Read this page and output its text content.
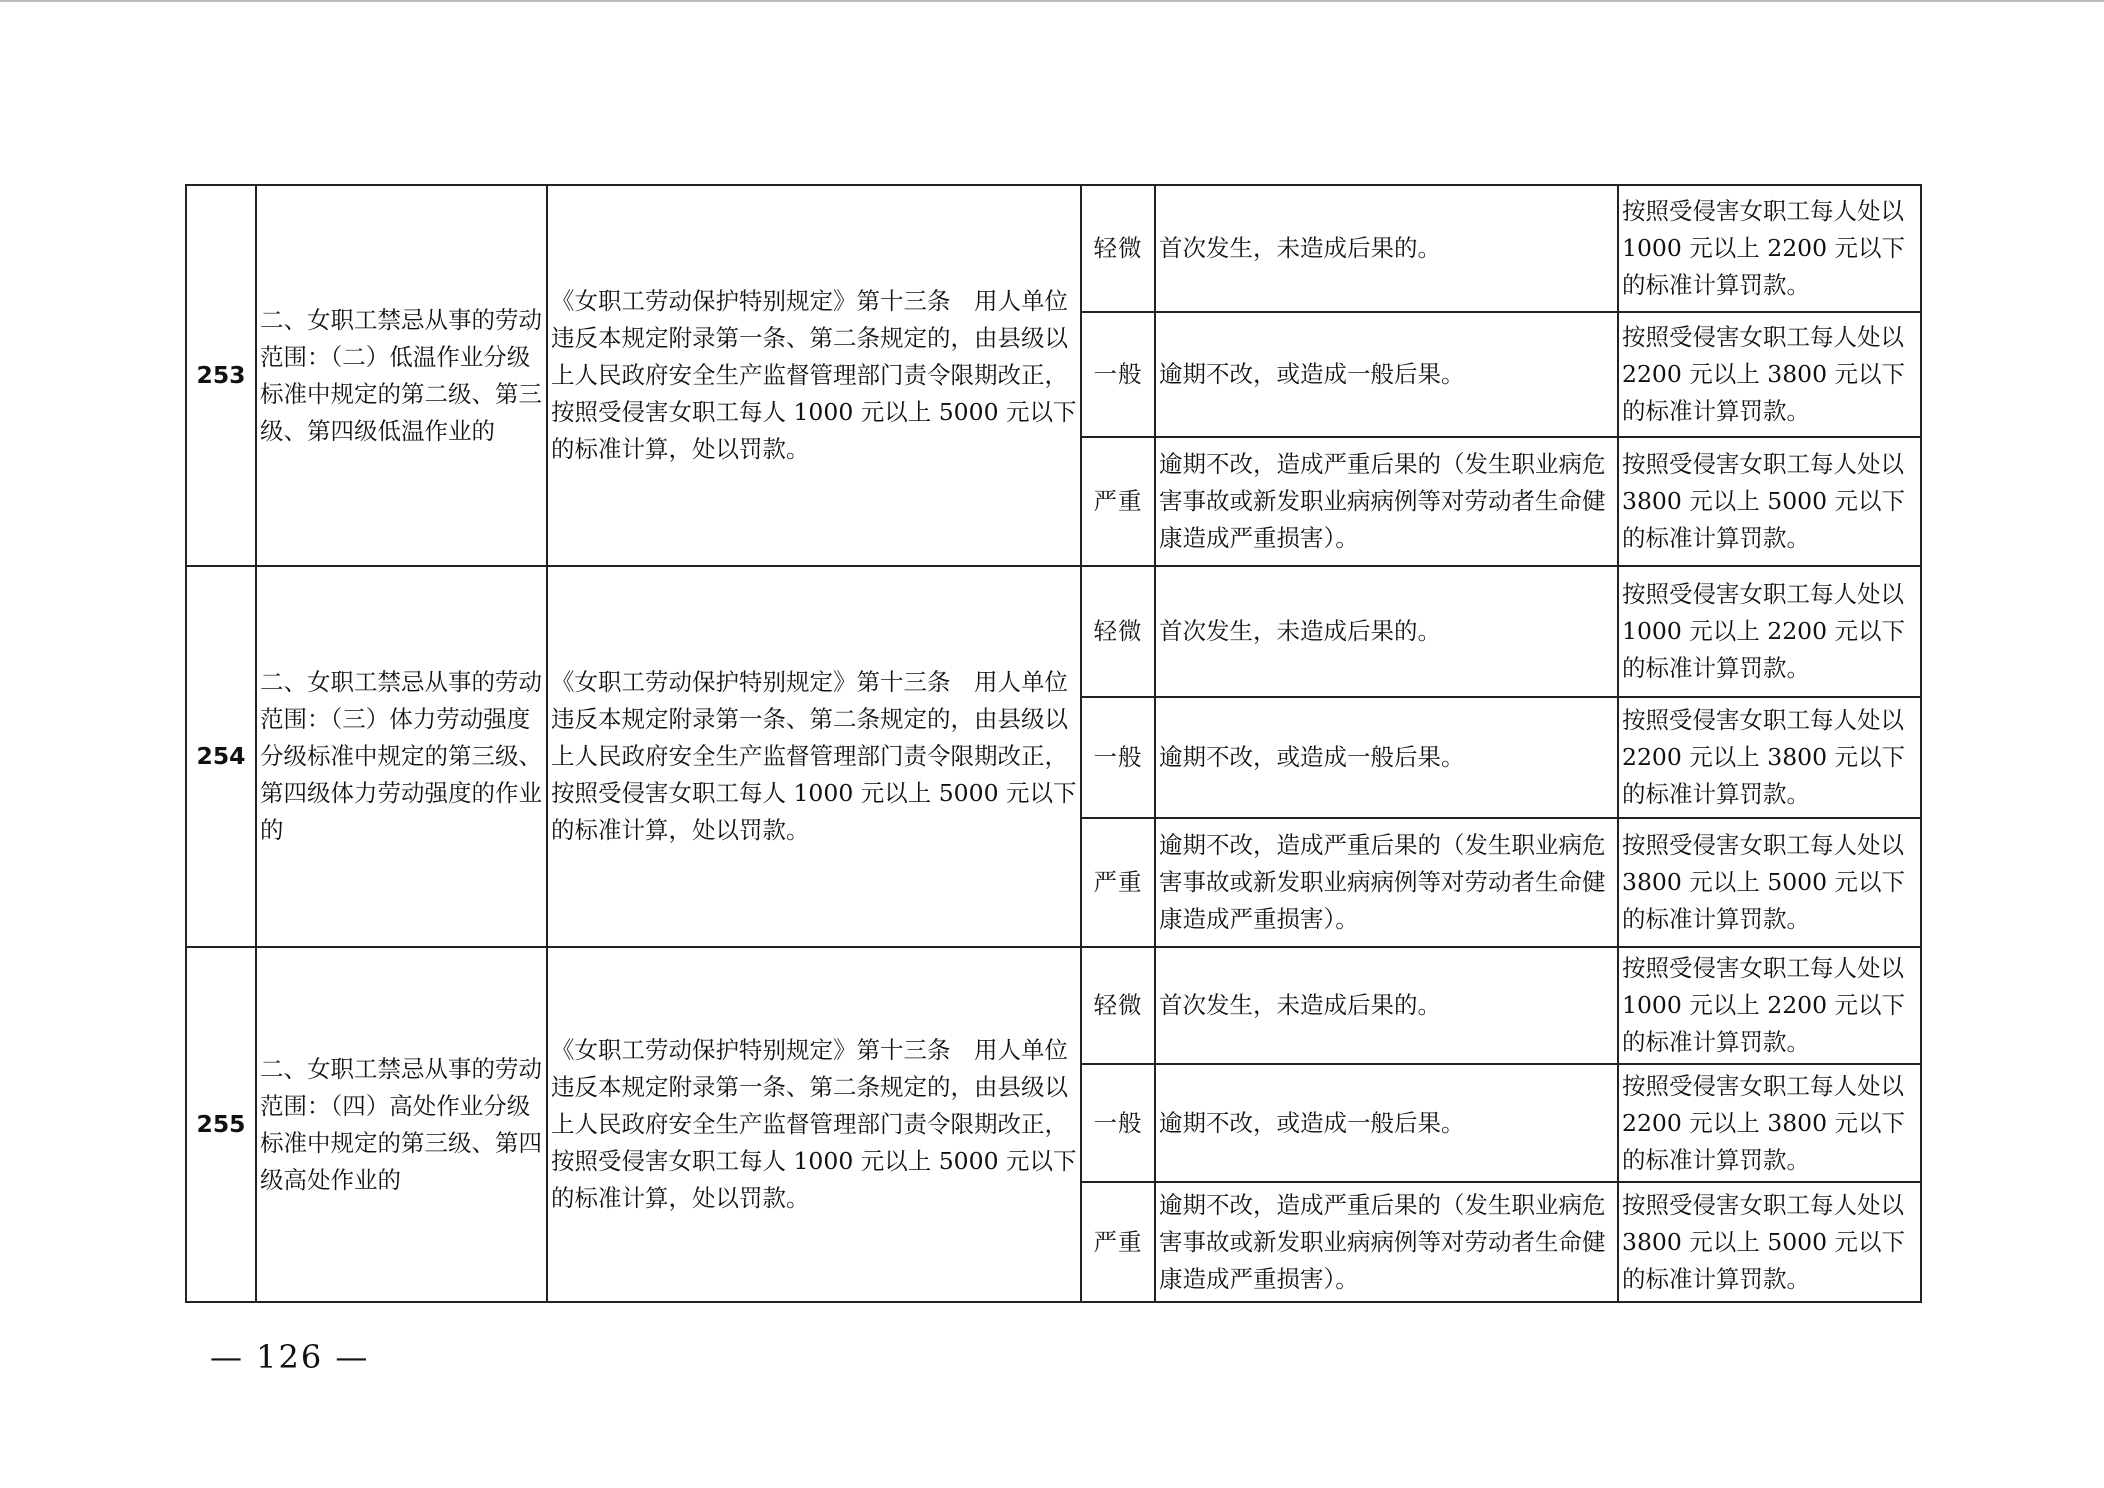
253	二、女职工禁忌从事的劳动范围：（二）低温作业分级标准中规定的第二级、第三级、第四级低温作业的	《女职工劳动保护特别规定》第十三条　用人单位违反本规定附录第一条、第二条规定的，由县级以上人民政府安全生产监督管理部门责令限期改正，按照受侵害女职工每人 1000 元以上 5000 元以下的标准计算，处以罚款。	轻微	首次发生，未造成后果的。	按照受侵害女职工每人处以 1000 元以上 2200 元以下的标准计算罚款。
			一般	逾期不改，或造成一般后果。	按照受侵害女职工每人处以 2200 元以上 3800 元以下的标准计算罚款。
			严重	逾期不改，造成严重后果的（发生职业病危害事故或新发职业病病例等对劳动者生命健康造成严重损害）。	按照受侵害女职工每人处以 3800 元以上 5000 元以下的标准计算罚款。
254	二、女职工禁忌从事的劳动范围：（三）体力劳动强度分级标准中规定的第三级、第四级体力劳动强度的作业的	《女职工劳动保护特别规定》第十三条　用人单位违反本规定附录第一条、第二条规定的，由县级以上人民政府安全生产监督管理部门责令限期改正，按照受侵害女职工每人 1000 元以上 5000 元以下的标准计算，处以罚款。	轻微	首次发生，未造成后果的。	按照受侵害女职工每人处以 1000 元以上 2200 元以下的标准计算罚款。
			一般	逾期不改，或造成一般后果。	按照受侵害女职工每人处以 2200 元以上 3800 元以下的标准计算罚款。
			严重	逾期不改，造成严重后果的（发生职业病危害事故或新发职业病病例等对劳动者生命健康造成严重损害）。	按照受侵害女职工每人处以 3800 元以上 5000 元以下的标准计算罚款。
255	二、女职工禁忌从事的劳动范围：（四）高处作业分级标准中规定的第三级、第四级高处作业的	《女职工劳动保护特别规定》第十三条　用人单位违反本规定附录第一条、第二条规定的，由县级以上人民政府安全生产监督管理部门责令限期改正，按照受侵害女职工每人 1000 元以上 5000 元以下的标准计算，处以罚款。	轻微	首次发生，未造成后果的。	按照受侵害女职工每人处以 1000 元以上 2200 元以下的标准计算罚款。
			一般	逾期不改，或造成一般后果。	按照受侵害女职工每人处以 2200 元以上 3800 元以下的标准计算罚款。
			严重	逾期不改，造成严重后果的（发生职业病危害事故或新发职业病病例等对劳动者生命健康造成严重损害）。	按照受侵害女职工每人处以 3800 元以上 5000 元以下的标准计算罚款。
— 126 —
